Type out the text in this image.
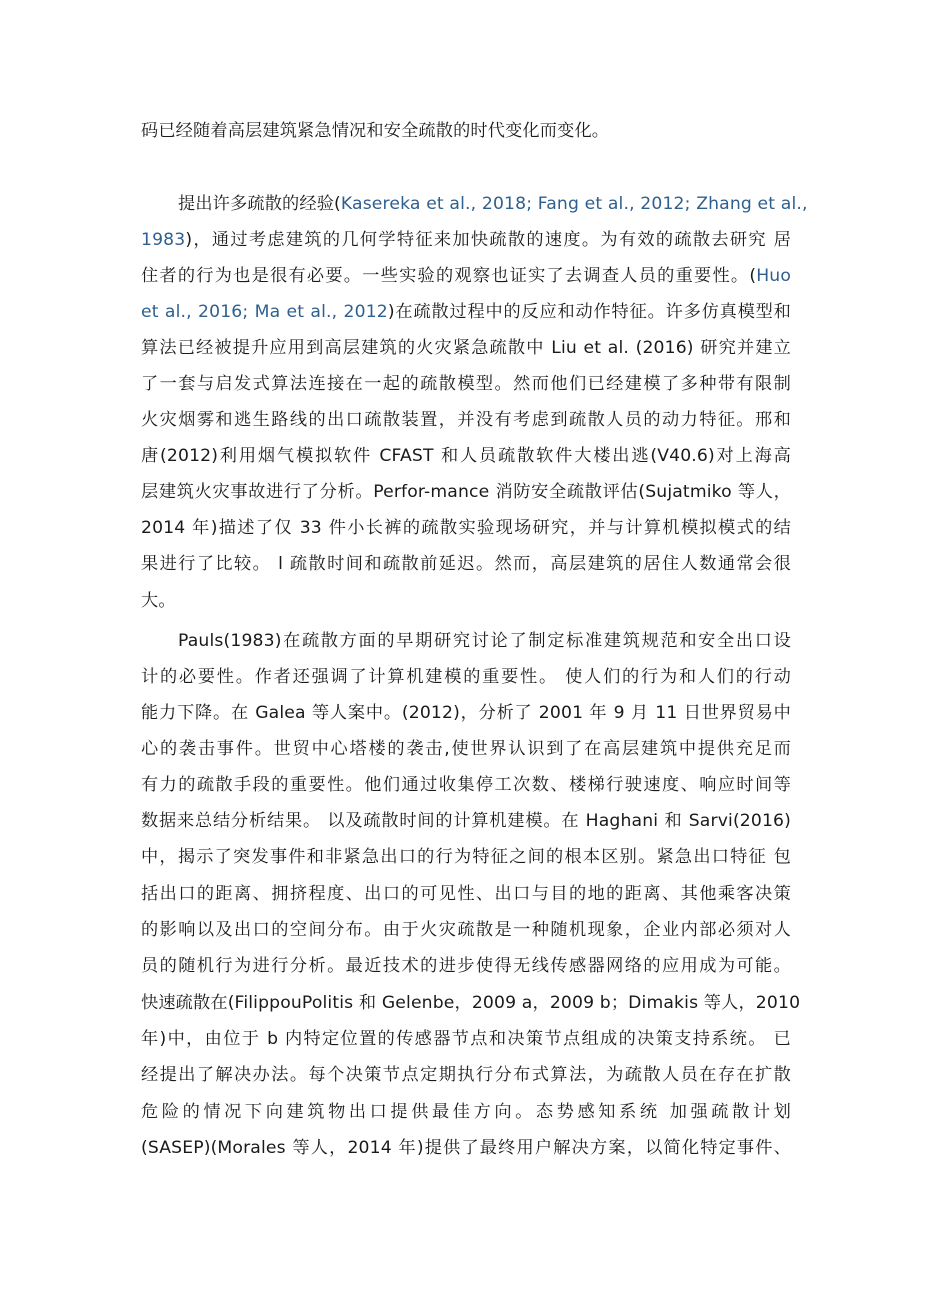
码已经随着高层建筑紧急情况和安全疏散的时代变化而变化。
提出许多疏散的经验(Kasereka et al., 2018; Fang et al., 2012; Zhang et al.,
1983)，通过考虑建筑的几何学特征来加快疏散的速度。为有效的疏散去研究 居
住者的行为也是很有必要。一些实验的观察也证实了去调查人员的重要性。(Huo
et al., 2016; Ma et al., 2012)在疏散过程中的反应和动作特征。许多仿真模型和
算法已经被提升应用到高层建筑的火灾紧急疏散中 Liu et al. (2016) 研究并建立
了一套与启发式算法连接在一起的疏散模型。然而他们已经建模了多种带有限制
火灾烟雾和逃生路线的出口疏散装置，并没有考虑到疏散人员的动力特征。邢和
唐(2012)利用烟气模拟软件 CFAST 和人员疏散软件大楼出逃(V40.6)对上海高
层建筑火灾事故进行了分析。Perfor-mance 消防安全疏散评估(Sujatmiko 等人，
2014 年)描述了仅 33 件小长裤的疏散实验现场研究，并与计算机模拟模式的结
果进行了比较。 l 疏散时间和疏散前延迟。然而，高层建筑的居住人数通常会很
大。
Pauls(1983)在疏散方面的早期研究讨论了制定标准建筑规范和安全出口设
计的必要性。作者还强调了计算机建模的重要性。 使人们的行为和人们的行动
能力下降。在 Galea 等人案中。(2012)，分析了 2001 年 9 月 11 日世界贸易中
心的袭击事件。世贸中心塔楼的袭击,使世界认识到了在高层建筑中提供充足而
有力的疏散手段的重要性。他们通过收集停工次数、楼梯行驶速度、响应时间等
数据来总结分析结果。 以及疏散时间的计算机建模。在 Haghani 和 Sarvi(2016)
中，揭示了突发事件和非紧急出口的行为特征之间的根本区别。紧急出口特征 包
括出口的距离、拥挤程度、出口的可见性、出口与目的地的距离、其他乘客决策
的影响以及出口的空间分布。由于火灾疏散是一种随机现象，企业内部必须对人
员的随机行为进行分析。最近技术的进步使得无线传感器网络的应用成为可能。
快速疏散在(FilippouPolitis 和 Gelenbe，2009 a，2009 b；Dimakis 等人，2010
年)中，由位于 b 内特定位置的传感器节点和决策节点组成的决策支持系统。 已
经提出了解决办法。每个决策节点定期执行分布式算法，为疏散人员在存在扩散
危险的情况下向建筑物出口提供最佳方向。态势感知系统 加强疏散计划
(SASEP)(Morales 等人，2014 年)提供了最终用户解决方案，以简化特定事件、
